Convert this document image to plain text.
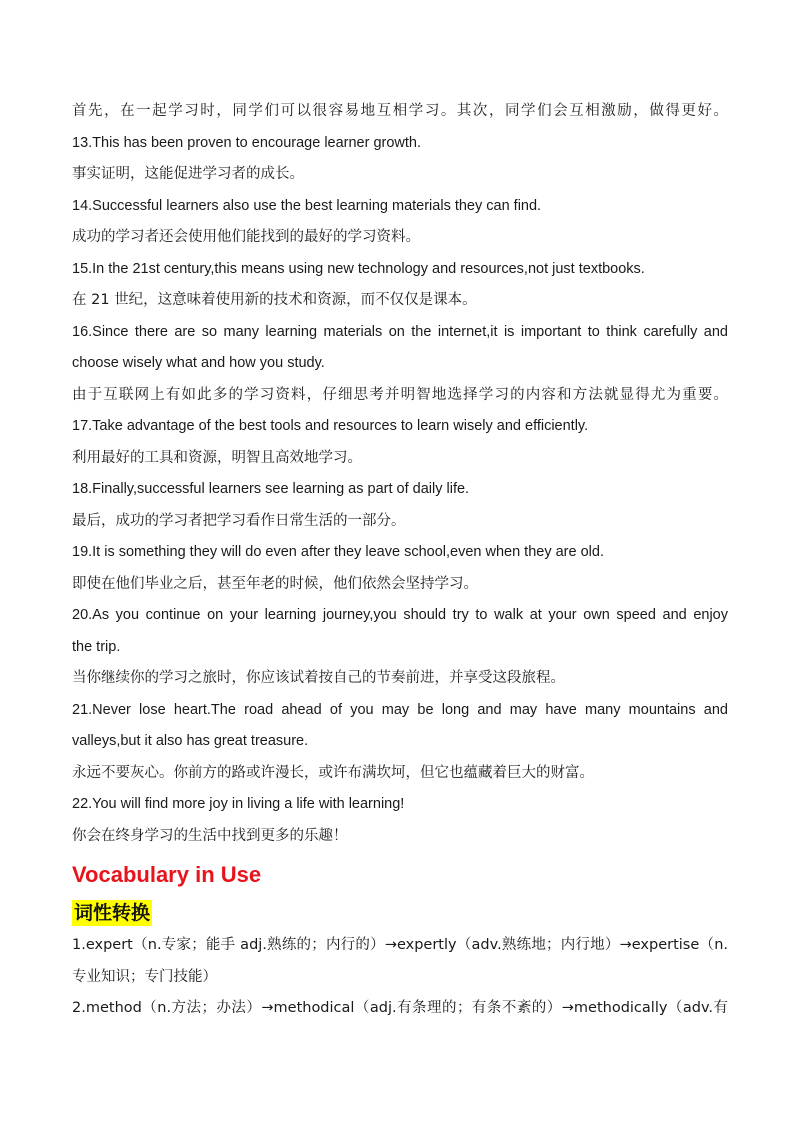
首先，在一起学习时，同学们可以很容易地互相学习。其次，同学们会互相激励，做得更好。
13.This has been proven to encourage learner growth.
事实证明，这能促进学习者的成长。
14.Successful learners also use the best learning materials they can find.
成功的学习者还会使用他们能找到的最好的学习资料。
15.In the 21st century,this means using new technology and resources,not just textbooks.
在 21 世纪，这意味着使用新的技术和资源，而不仅仅是课本。
16.Since there are so many learning materials on the internet,it is important to think carefully and
choose wisely what and how you study.
由于互联网上有如此多的学习资料，仔细思考并明智地选择学习的内容和方法就显得尤为重要。
17.Take advantage of the best tools and resources to learn wisely and efficiently.
利用最好的工具和资源，明智且高效地学习。
18.Finally,successful learners see learning as part of daily life.
最后，成功的学习者把学习看作日常生活的一部分。
19.It is something they will do even after they leave school,even when they are old.
即使在他们毕业之后，甚至年老的时候，他们依然会坚持学习。
20.As you continue on your learning journey,you should try to walk at your own speed and enjoy
the trip.
当你继续你的学习之旅时，你应该试着按自己的节奏前进，并享受这段旅程。
21.Never lose heart.The road ahead of you may be long and may have many mountains and
valleys,but it also has great treasure.
永远不要灰心。你前方的路或许漫长，或许布满坎坷，但它也蕴藏着巨大的财富。
22.You will find more joy in living a life with learning!
你会在终身学习的生活中找到更多的乐趣！
Vocabulary in Use
词性转换
1.expert（n.专家；能手 adj.熟练的；内行的）→expertly（adv.熟练地；内行地）→expertise（n.
专业知识；专门技能）
2.method（n.方法；办法）→methodical（adj.有条理的；有条不紊的）→methodically（adv.有
